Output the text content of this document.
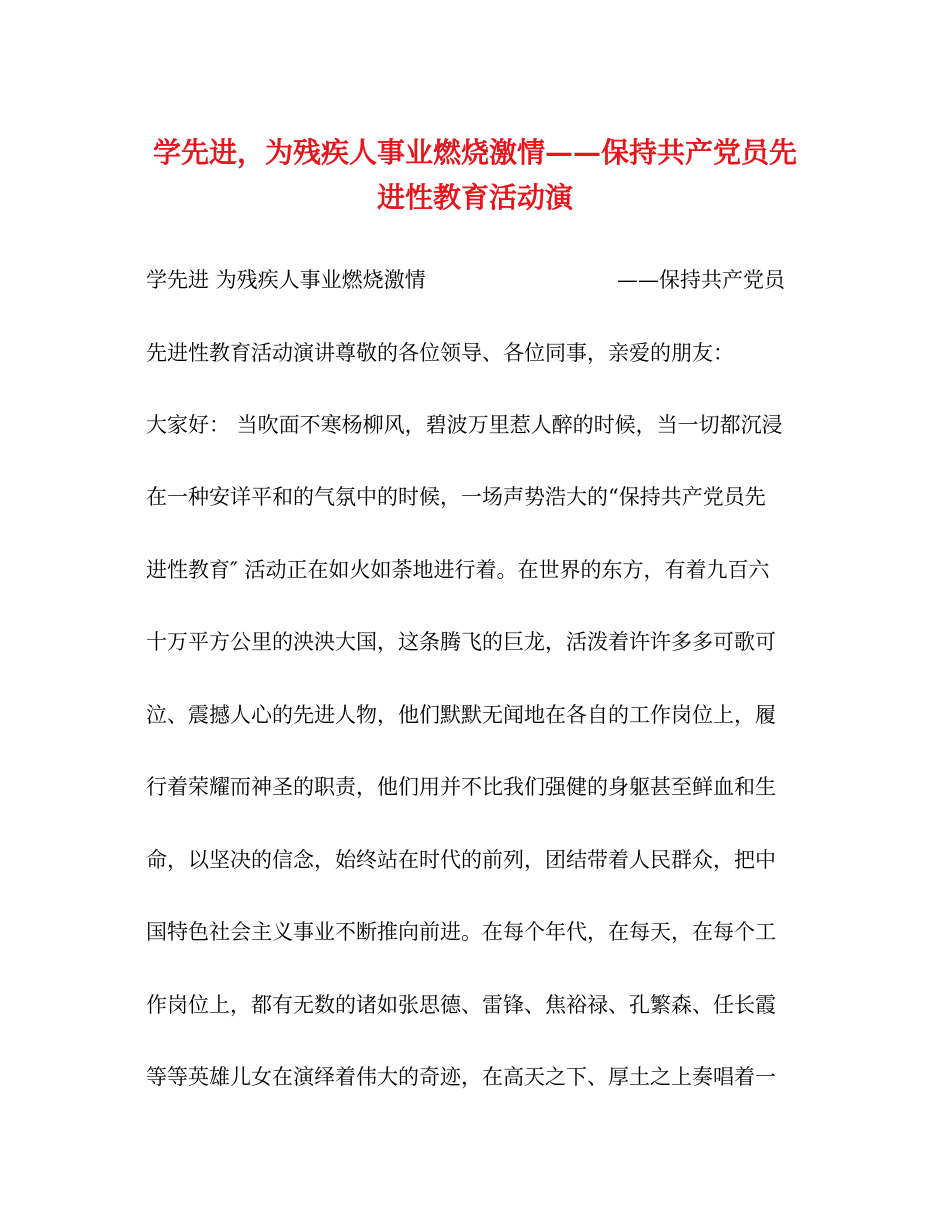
学先进，为残疾人事业燃烧激情——保持共产党员先
进性教育活动演

学先进 为残疾人事业燃烧激情	——保持共产党员

先进性教育活动演讲尊敬的各位领导、各位同事，亲爱的朋友：

大家好： 当吹面不寒杨柳风，碧波万里惹人醉的时候，当一切都沉浸

在一种安详平和的气氛中的时候，一场声势浩大的“保持共产党员先

进性教育″ 活动正在如火如荼地进行着。在世界的东方，有着九百六

十万平方公里的泱泱大国，这条腾飞的巨龙，活泼着许许多多可歌可

泣、震撼人心的先进人物，他们默默无闻地在各自的工作岗位上，履

行着荣耀而神圣的职责，他们用并不比我们强健的身躯甚至鲜血和生

命，以坚决的信念，始终站在时代的前列，团结带着人民群众，把中

国特色社会主义事业不断推向前进。在每个年代，在每天，在每个工

作岗位上，都有无数的诸如张思德、雷锋、焦裕禄、孔繁森、任长霞

等等英雄儿女在演绎着伟大的奇迹，在高天之下、厚土之上奏唱着一
